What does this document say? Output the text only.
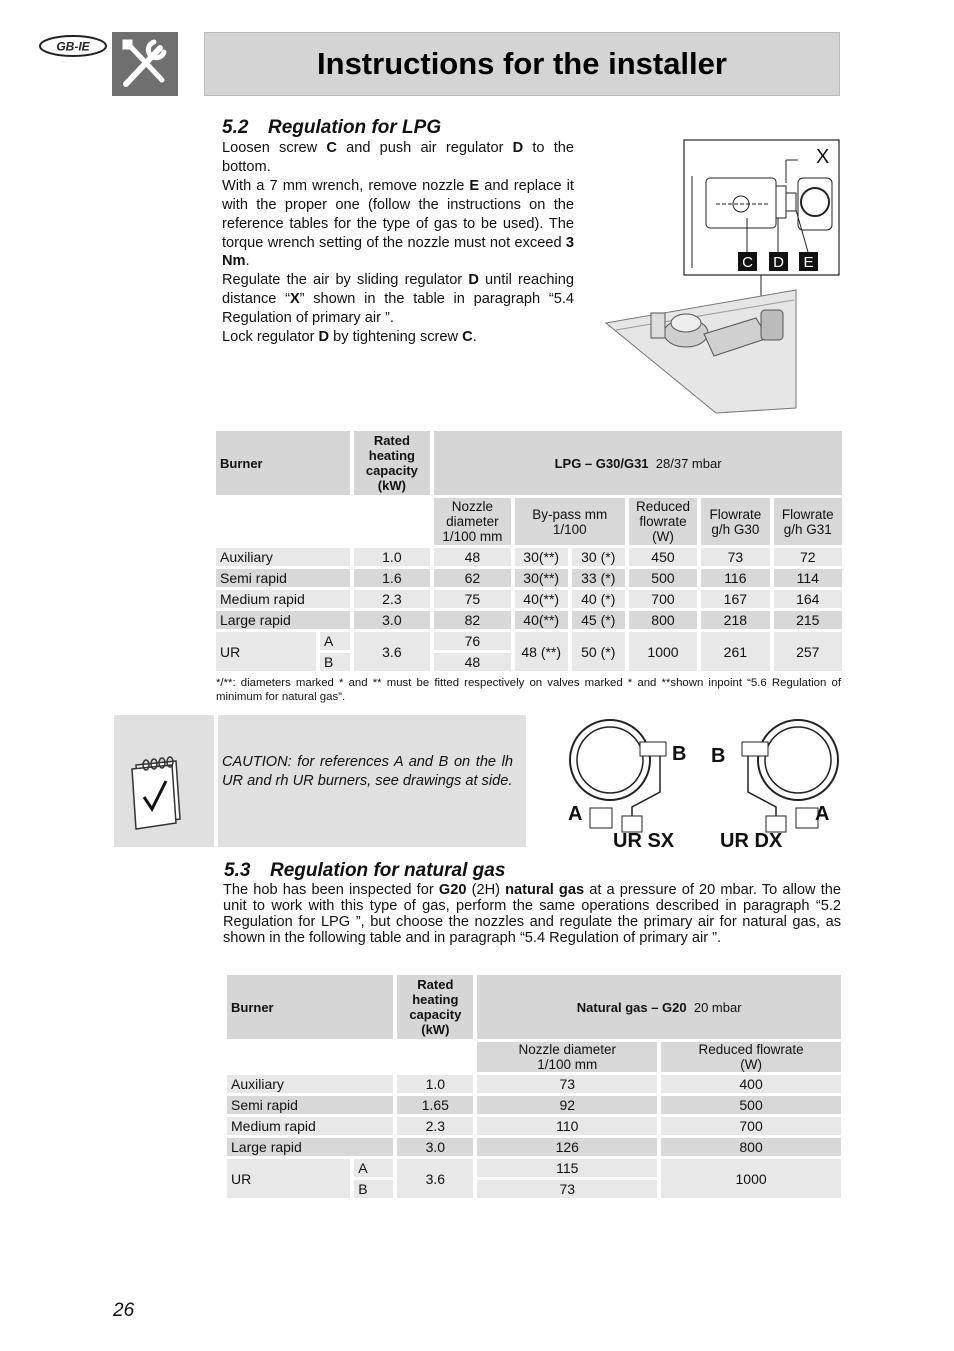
GB-IE	Instructions for the installer
5.2 Regulation for LPG

Loosen screw C and push air regulator D to the bottom.

With a 7 mm wrench, remove nozzle E and replace it with the proper one (follow the instructions on the reference tables for the type of gas to be used). The torque wrench setting of the nozzle must not exceed 3 Nm.

Regulate the air by sliding regulator D until reaching distance “X” shown in the table in paragraph “5.4 Regulation of primary air ”.

Lock regulator D by tightening screw C.

X
C D E
Burner		Rated heating capacity (kW)	LPG – G30/G31 28/37 mbar					
			Nozzle diameter 1/100 mm	By-pass mm 1/100		Reduced flowrate (W)	Flowrate g/h G30	Flowrate g/h G31
Auxiliary		1.0	48	30(**)	30 (*)	450	73	72
Semi rapid		1.6	62	30(**)	33 (*)	500	116	114
Medium rapid		2.3	75	40(**)	40 (*)	700	167	164
Large rapid		3.0	82	40(**)	45 (*)	800	218	215
UR	A	3.6	76	48 (**)	50 (*)	1000	261	257
	B		48					
*/**: diameters marked * and ** must be fitted respectively on valves marked * and **shown inpoint “5.6 Regulation of minimum for natural gas”.
CAUTION: for references A and B on the lh UR and rh UR burners, see drawings at side.
B
A
UR SX
B
A
UR DX
5.3 Regulation for natural gas

The hob has been inspected for G20 (2H) natural gas at a pressure of 20 mbar. To allow the unit to work with this type of gas, perform the same operations described in paragraph “5.2 Regulation for LPG ”, but choose the nozzles and regulate the primary air for natural gas, as shown in the following table and in paragraph “5.4 Regulation of primary air ”.

Burner		Rated heating capacity (kW)	Natural gas – G20 20 mbar	
			Nozzle diameter 1/100 mm	Reduced flowrate (W)
Auxiliary		1.0	73	400
Semi rapid		1.65	92	500
Medium rapid		2.3	110	700
Large rapid		3.0	126	800
UR	A	3.6	115	1000
	B		73	
26
